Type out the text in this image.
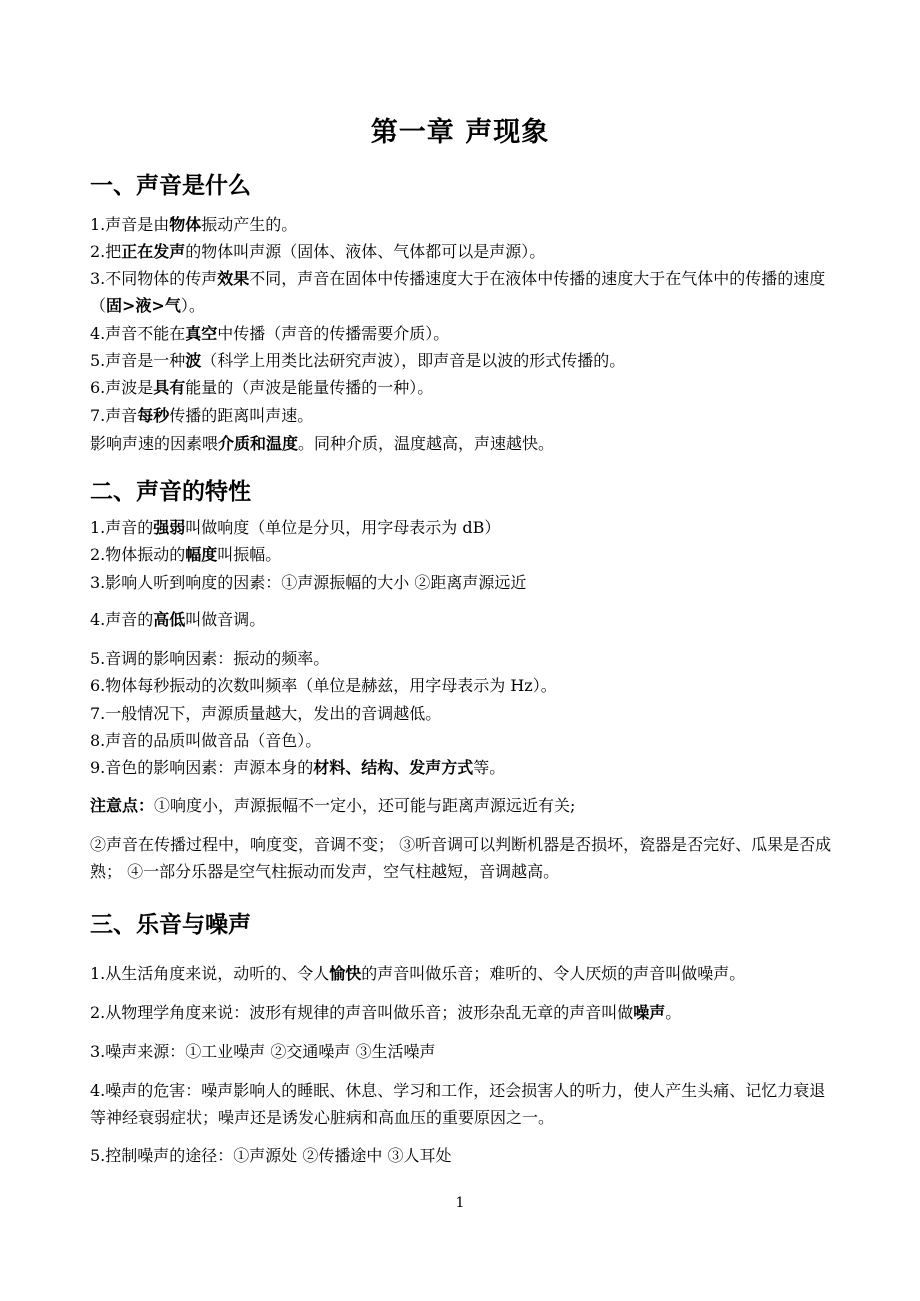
第一章 声现象
一、声音是什么

1.声音是由物体振动产生的。

2.把正在发声的物体叫声源（固体、液体、气体都可以是声源）。

3.不同物体的传声效果不同，声音在固体中传播速度大于在液体中传播的速度大于在气体中的传播的速度（固>液>气）。

4.声音不能在真空中传播（声音的传播需要介质）。

5.声音是一种波（科学上用类比法研究声波），即声音是以波的形式传播的。

6.声波是具有能量的（声波是能量传播的一种）。

7.声音每秒传播的距离叫声速。

影响声速的因素喂介质和温度。同种介质，温度越高，声速越快。

二、声音的特性

1.声音的强弱叫做响度（单位是分贝，用字母表示为 dB）

2.物体振动的幅度叫振幅。

3.影响人听到响度的因素：①声源振幅的大小 ②距离声源远近

4.声音的高低叫做音调。

5.音调的影响因素：振动的频率。

6.物体每秒振动的次数叫频率（单位是赫兹，用字母表示为 Hz）。

7.一般情况下，声源质量越大，发出的音调越低。

8.声音的品质叫做音品（音色）。

9.音色的影响因素：声源本身的材料、结构、发声方式等。

注意点：①响度小，声源振幅不一定小，还可能与距离声源远近有关;

②声音在传播过程中，响度变，音调不变； ③听音调可以判断机器是否损坏，瓷器是否完好、瓜果是否成熟； ④一部分乐器是空气柱振动而发声，空气柱越短，音调越高。

三、乐音与噪声

1.从生活角度来说，动听的、令人愉快的声音叫做乐音；难听的、令人厌烦的声音叫做噪声。

2.从物理学角度来说：波形有规律的声音叫做乐音；波形杂乱无章的声音叫做噪声。

3.噪声来源：①工业噪声 ②交通噪声 ③生活噪声

4.噪声的危害：噪声影响人的睡眠、休息、学习和工作，还会损害人的听力，使人产生头痛、记忆力衰退等神经衰弱症状；噪声还是诱发心脏病和高血压的重要原因之一。

5.控制噪声的途径：①声源处 ②传播途中 ③人耳处

1
